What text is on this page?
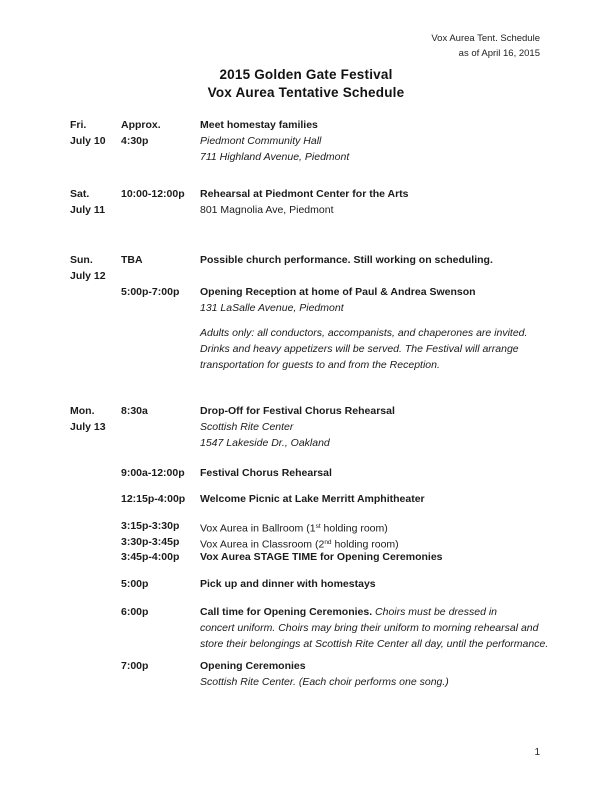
Vox Aurea Tent. Schedule
as of April 16, 2015
2015 Golden Gate Festival
Vox Aurea Tentative Schedule
Fri.	Approx.	Meet homestay families
July 10 4:30p	Piedmont Community Hall
711 Highland Avenue, Piedmont
Sat.	10:00-12:00p Rehearsal at Piedmont Center for the Arts
July 11	801 Magnolia Ave, Piedmont
Sun.	TBA	Possible church performance. Still working on scheduling.
July 12
5:00p-7:00p Opening Reception at home of Paul & Andrea Swenson
131 LaSalle Avenue, Piedmont
Adults only: all conductors, accompanists, and chaperones are invited.
Drinks and heavy appetizers will be served. The Festival will arrange
transportation for guests to and from the Reception.
Mon.	8:30a	Drop-Off for Festival Chorus Rehearsal
July 13	Scottish Rite Center
1547 Lakeside Dr., Oakland
9:00a-12:00p Festival Chorus Rehearsal
12:15p-4:00p Welcome Picnic at Lake Merritt Amphitheater
3:15p-3:30p Vox Aurea in Ballroom (1st holding room)
3:30p-3:45p Vox Aurea in Classroom (2nd holding room)
3:45p-4:00p Vox Aurea STAGE TIME for Opening Ceremonies
5:00p	Pick up and dinner with homestays
6:00p	Call time for Opening Ceremonies. Choirs must be dressed in
concert uniform. Choirs may bring their uniform to morning rehearsal and
store their belongings at Scottish Rite Center all day, until the performance.
7:00p	Opening Ceremonies
Scottish Rite Center. (Each choir performs one song.)
1
